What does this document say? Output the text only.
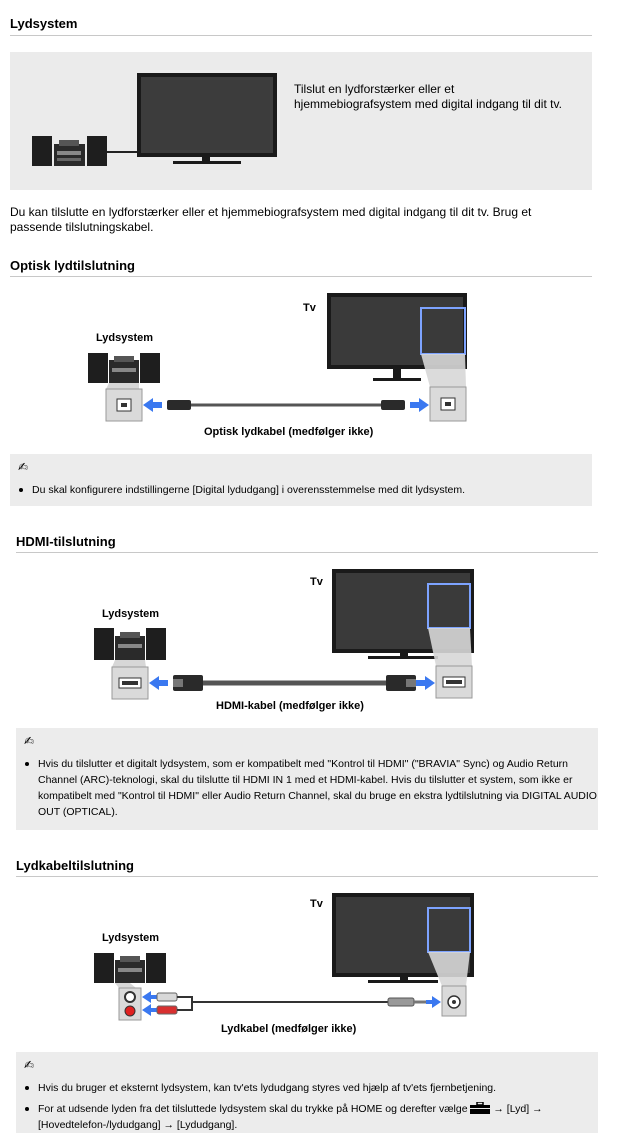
Lydsystem
Tilslut en lydforstærker eller et hjemmebiografsystem med digital indgang til dit tv.
Du kan tilslutte en lydforstærker eller et hjemmebiografsystem med digital indgang til dit tv. Brug et passende tilslutningskabel.
Optisk lydtilslutning
Tv
Lydsystem
Optisk lydkabel (medfølger ikke)
✍
Du skal konfigurere indstillingerne [Digital lydudgang] i overensstemmelse med dit lydsystem.
HDMI-tilslutning
Tv
Lydsystem
HDMI-kabel (medfølger ikke)
✍
Hvis du tilslutter et digitalt lydsystem, som er kompatibelt med "Kontrol til HDMI" ("BRAVIA" Sync) og Audio Return Channel (ARC)-teknologi, skal du tilslutte til HDMI IN 1 med et HDMI-kabel. Hvis du tilslutter et system, som ikke er kompatibelt med "Kontrol til HDMI" eller Audio Return Channel, skal du bruge en ekstra lydtilslutning via DIGITAL AUDIO OUT (OPTICAL).
Lydkabeltilslutning
Tv
Lydsystem
Lydkabel (medfølger ikke)
✍
Hvis du bruger et eksternt lydsystem, kan tv'ets lydudgang styres ved hjælp af tv'ets fjernbetjening.
For at udsende lyden fra det tilsluttede lydsystem skal du trykke på HOME og derefter vælge → [Lyd] → [Hovedtelefon-/lydudgang] → [Lydudgang].
